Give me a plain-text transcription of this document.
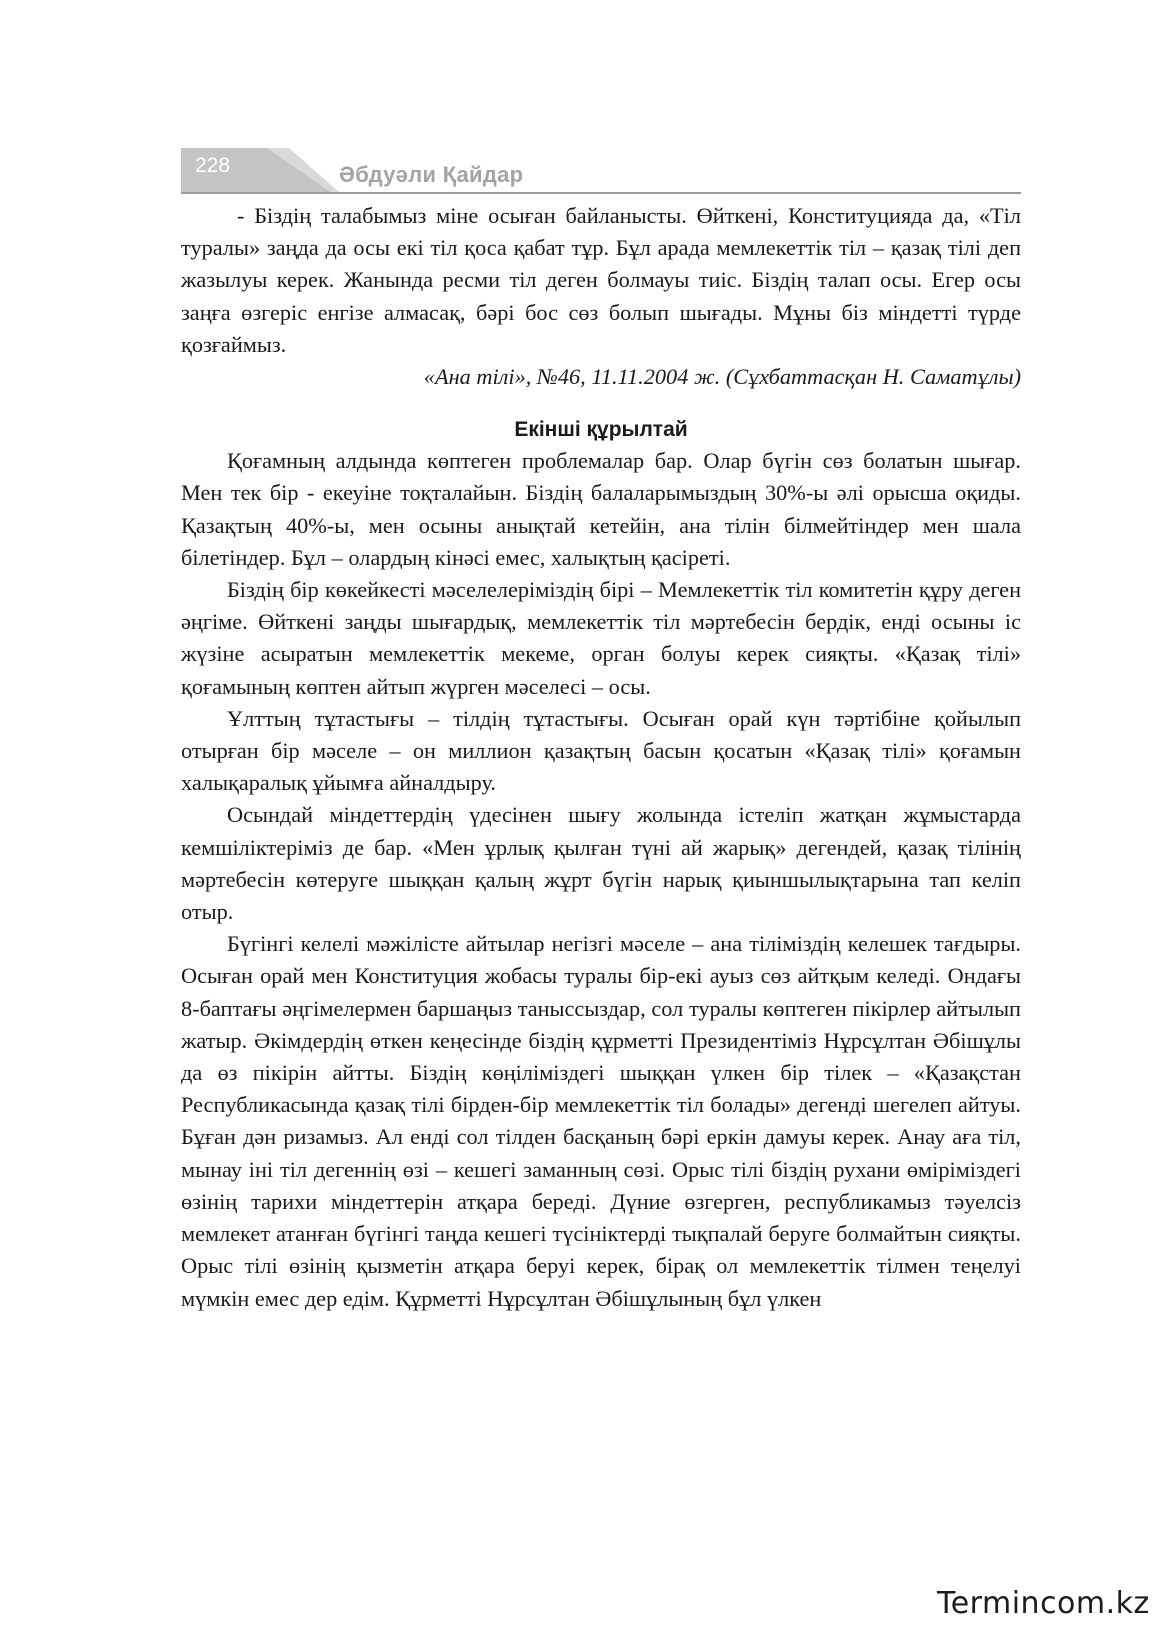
228	Әбдуәли Қайдар

- Біздің талабымыз міне осыған байланысты. Өйткені, Конституцияда да, «Тіл туралы» заңда да осы екі тіл қоса қабат тұр. Бұл арада мемлекеттік тіл – қазақ тілі деп жазылуы керек. Жанында ресми тіл деген болмауы тиіс. Біздің талап осы. Егер осы заңға өзгеріс енгізе алмасақ, бәрі бос сөз болып шығады. Мұны біз міндетті түрде қозғаймыз.

«Ана тілі», №46, 11.11.2004 ж. (Сұхбаттасқан Н. Саматұлы)

Екінші құрылтай

Қоғамның алдында көптеген проблемалар бар. Олар бүгін сөз болатын шығар. Мен тек бір - екеуіне тоқталайын. Біздің балаларымыздың 30%-ы әлі орысша оқиды. Қазақтың 40%-ы, мен осыны анықтай кетейін, ана тілін білмейтіндер мен шала білетіндер. Бұл – олардың кінәсі емес, халықтың қасіреті.

Біздің бір көкейкесті мәселелеріміздің бірі – Мемлекеттік тіл комитетін құру деген әңгіме. Өйткені заңды шығардық, мемлекеттік тіл мәртебесін бердік, енді осыны іс жүзіне асыратын мемлекеттік мекеме, орган болуы керек сияқты. «Қазақ тілі» қоғамының көптен айтып жүрген мәселесі – осы.

Ұлттың тұтастығы – тілдің тұтастығы. Осыған орай күн тәртібіне қойылып отырған бір мәселе – он миллион қазақтың басын қосатын «Қазақ тілі» қоғамын халықаралық ұйымға айналдыру.

Осындай міндеттердің үдесінен шығу жолында істеліп жатқан жұмыстарда кемшіліктеріміз де бар. «Мен ұрлық қылған түні ай жарық» дегендей, қазақ тілінің мәртебесін көтеруге шыққан қалың жұрт бүгін нарық қиыншылықтарына тап келіп отыр.

Бүгінгі келелі мәжілісте айтылар негізгі мәселе – ана тіліміздің келешек тағдыры. Осыған орай мен Конституция жобасы туралы бір-екі ауыз сөз айтқым келеді. Ондағы 8-баптағы әңгімелермен баршаңыз таныссыздар, сол туралы көптеген пікірлер айтылып жатыр. Әкімдердің өткен кеңесінде біздің құрметті Президентіміз Нұрсұлтан Әбішұлы да өз пікірін айтты. Біздің көңіліміздегі шыққан үлкен бір тілек – «Қазақстан Республикасында қазақ тілі бірден-бір мемлекеттік тіл болады» дегенді шегелеп айтуы. Бұған дән ризамыз. Ал енді сол тілден басқаның бәрі еркін дамуы керек. Анау аға тіл, мынау іні тіл дегеннің өзі – кешегі заманның сөзі. Орыс тілі біздің рухани өміріміздегі өзінің тарихи міндеттерін атқара береді. Дүние өзгерген, республикамыз тәуелсіз мемлекет атанған бүгінгі таңда кешегі түсініктерді тықпалай беруге болмайтын сияқты. Орыс тілі өзінің қызметін атқара беруі керек, бірақ ол мемлекеттік тілмен теңелуі мүмкін емес дер едім. Құрметті Нұрсұлтан Әбішұлының бұл үлкен

Termincom.kz
